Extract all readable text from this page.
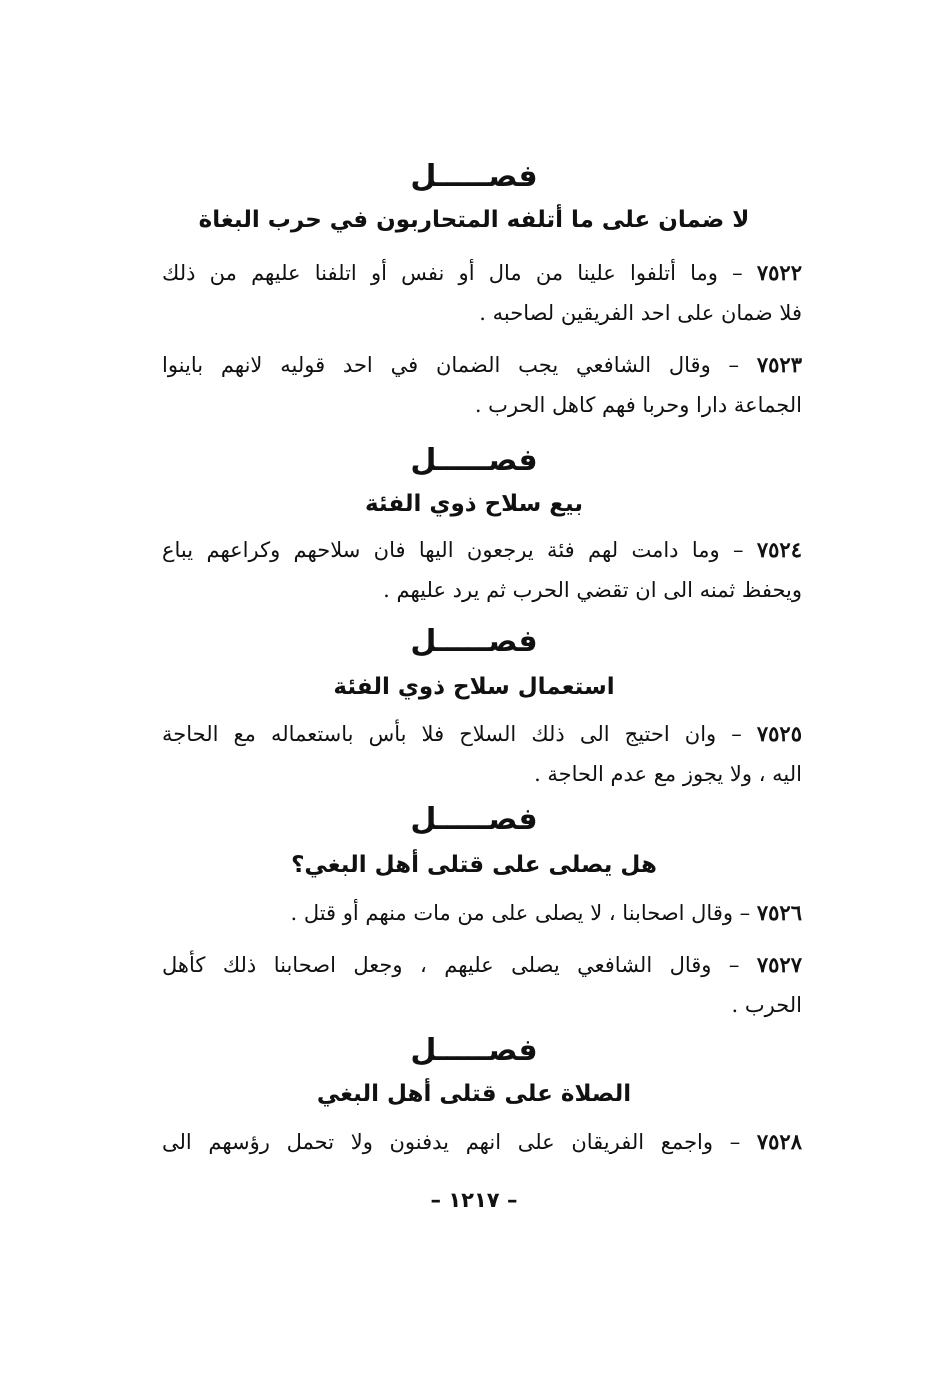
فصـــــل
لا ضمان على ما أتلفه المتحاربون في حرب البغاة
٧٥٢٢ – وما أتلفوا علينا من مال أو نفس أو اتلفنا عليهم من ذلك
فلا ضمان على احد الفريقين لصاحبه .
٧٥٢٣ – وقال الشافعي يجب الضمان في احد قوليه لانهم باينوا
الجماعة دارا وحربا فهم كاهل الحرب .
فصـــــل
بيع سلاح ذوي الفئة
٧٥٢٤ – وما دامت لهم فئة يرجعون اليها فان سلاحهم وكراعهم يباع
ويحفظ ثمنه الى ان تقضي الحرب ثم يرد عليهم .
فصـــــل
استعمال سلاح ذوي الفئة
٧٥٢٥ – وان احتيج الى ذلك السلاح فلا بأس باستعماله مع الحاجة
اليه ، ولا يجوز مع عدم الحاجة .
فصـــــل
هل يصلى على قتلى أهل البغي؟
٧٥٢٦ – وقال اصحابنا ، لا يصلى على من مات منهم أو قتل .
٧٥٢٧ – وقال الشافعي يصلى عليهم ، وجعل اصحابنا ذلك كأهل
الحرب .
فصـــــل
الصلاة على قتلى أهل البغي
٧٥٢٨ – واجمع الفريقان على انهم يدفنون ولا تحمل رؤسهم الى
– ١٢١٧ –
